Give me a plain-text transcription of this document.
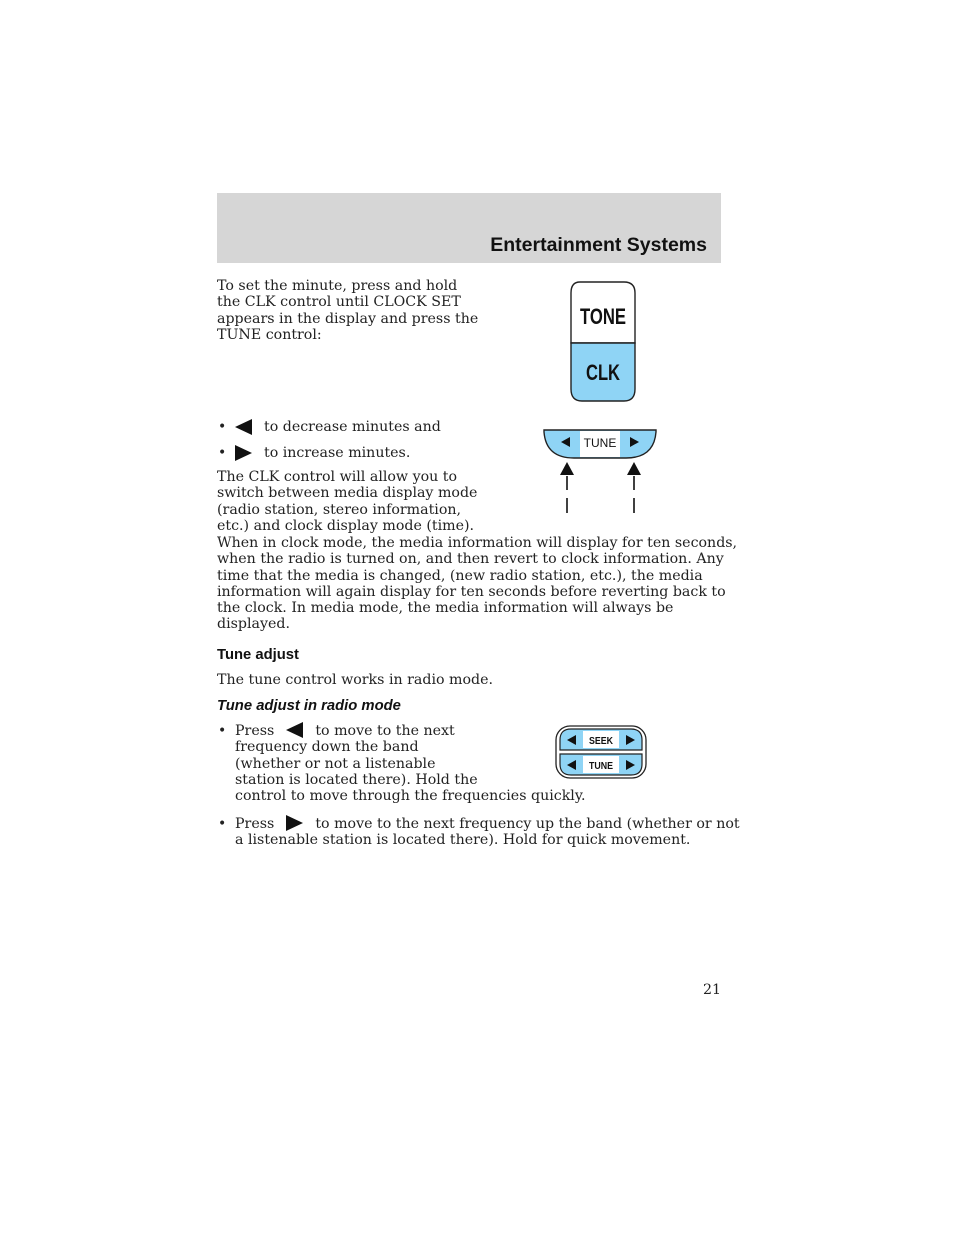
Entertainment Systems
To set the minute, press and hold
the CLK control until CLOCK SET
appears in the display and press the
TUNE control:
TONE
CLK
•	to decrease minutes and
•	to increase minutes.
TUNE
The CLK control will allow you to
switch between media display mode
(radio station, stereo information,
etc.) and clock display mode (time).
When in clock mode, the media information will display for ten seconds,
when the radio is turned on, and then revert to clock information. Any
time that the media is changed, (new radio station, etc.), the media
information will again display for ten seconds before reverting back to
the clock. In media mode, the media information will always be
displayed.
Tune adjust
The tune control works in radio mode.
Tune adjust in radio mode
• Press	to move to the next
frequency down the band
(whether or not a listenable
station is located there). Hold the
control to move through the frequencies quickly.
SEEK
TUNE
• Press	to move to the next frequency up the band (whether or not
a listenable station is located there). Hold for quick movement.
21
